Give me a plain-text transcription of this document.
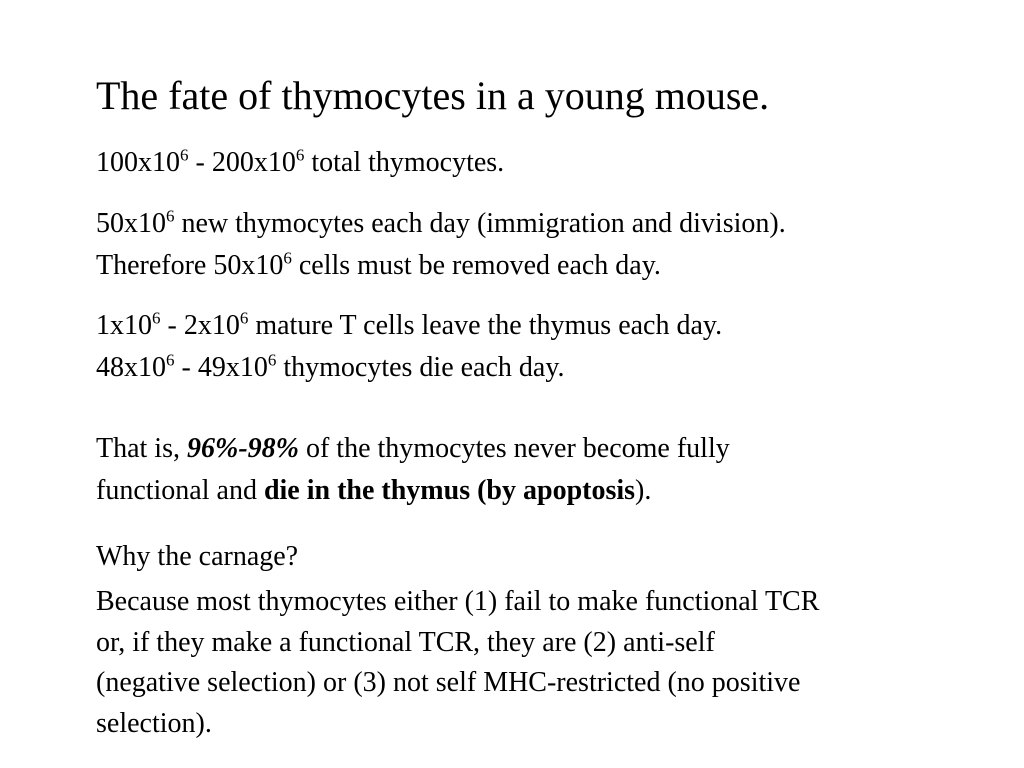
The fate of thymocytes in a young mouse.

$100x10^6 - 200x10^6$ total thymocytes.

$50x10^6$ new thymocytes each day (immigration and division).
Therefore $50x10^6$ cells must be removed each day.
$1x10^6 - 2x10^6$ mature T cells leave the thymus each day.
$48x10^6 - 49x10^6$ thymocytes die each day.
That is, 96%-98% of the thymocytes never become fully
functional and die in the thymus (by apoptosis).

Why the carnage?

Because most thymocytes either (1) fail to make functional TCR
or, if they make a functional TCR, they are (2) anti-self
(negative selection) or (3) not self MHC-restricted (no positive
selection).
